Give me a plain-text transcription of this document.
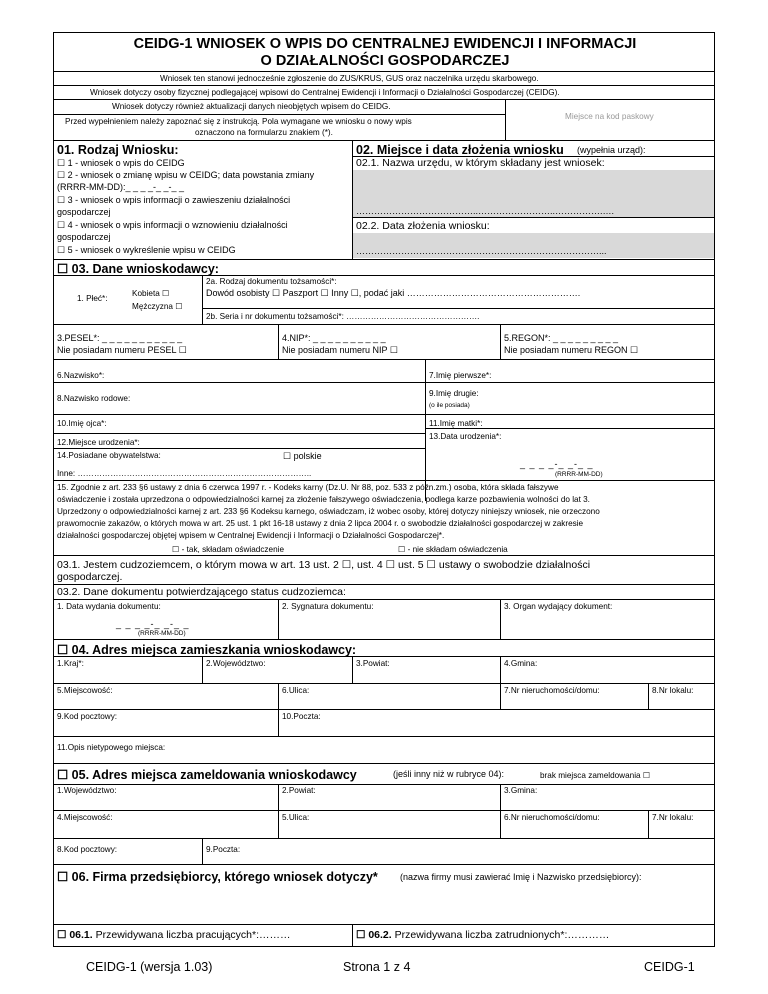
CEIDG-1 WNIOSEK O WPIS DO CENTRALNEJ EWIDENCJI I INFORMACJI
O DZIAŁALNOŚCI GOSPODARCZEJ
Wniosek ten stanowi jednocześnie zgłoszenie do ZUS/KRUS, GUS oraz naczelnika urzędu skarbowego.
Wniosek dotyczy osoby fizycznej podlegającej wpisowi do Centralnej Ewidencji i Informacji o Działalności Gospodarczej (CEIDG).
Wniosek dotyczy również aktualizacji danych nieobjętych wpisem do CEIDG.
Przed wypełnieniem należy zapoznać się z instrukcją. Pola wymagane we wniosku o nowy wpis
oznaczono na formularzu znakiem (*).
Miejsce na kod paskowy
01. Rodzaj Wniosku:	02. Miejsce i data złożenia wniosku (wypełnia urząd):
☐ 1 - wniosek o wpis do CEIDG
☐ 2 - wniosek o zmianę wpisu w CEIDG; data powstania zmiany
(RRRR-MM-DD):_ _ _ _-_ _-_ _
☐ 3 - wniosek o wpis informacji o zawieszeniu działalności
gospodarczej
☐ 4 - wniosek o wpis informacji o wznowieniu działalności
gospodarczej
☐ 5 - wniosek o wykreślenie wpisu w CEIDG
02.1. Nazwa urzędu, w którym składany jest wniosek:
…………………………………..……………………..…………….….
02.2. Data złożenia wniosku:
………………………………………………………………………...
☐ 03. Dane wnioskodawcy:
1. Płeć*:
Kobieta ☐
Mężczyzna ☐
2a. Rodzaj dokumentu tożsamości*:
Dowód osobisty ☐ Paszport ☐ Inny ☐, podać jaki ………………………………………………….
2b. Seria i nr dokumentu tożsamości*: ………………………………………….
3.PESEL*: _ _ _ _ _ _ _ _ _ _ _
Nie posiadam numeru PESEL ☐
4.NIP*: _ _ _ _ _ _ _ _ _ _
Nie posiadam numeru NIP ☐
5.REGON*: _ _ _ _ _ _ _ _ _
Nie posiadam numeru REGON ☐
6.Nazwisko*:	7.Imię pierwsze*:
8.Nazwisko rodowe:
9.Imię drugie:
(o ile posiada)
10.Imię ojca*:	11.Imię matki*:
13.Data urodzenia*:
12.Miejsce urodzenia*:
14.Posiadane obywatelstwa:	☐ polskie
_ _ _ _-_ _-_ _
(RRRR-MM-DD)
Inne: …………………………………………………………………………..
15. Zgodnie z art. 233 §6 ustawy z dnia 6 czerwca 1997 r. - Kodeks karny (Dz.U. Nr 88, poz. 533 z późn.zm.) osoba, która składa fałszywe
oświadczenie i została uprzedzona o odpowiedzialności karnej za złożenie fałszywego oświadczenia, podlega karze pozbawienia wolności do lat 3.
Uprzedzony o odpowiedzialności karnej z art. 233 §6 Kodeksu karnego, oświadczam, iż wobec osoby, której dotyczy niniejszy wniosek, nie orzeczono
prawomocnie zakazów, o których mowa w art. 25 ust. 1 pkt 16-18 ustawy z dnia 2 lipca 2004 r. o swobodzie działalności gospodarczej w zakresie
działalności gospodarczej objętej wpisem w Centralnej Ewidencji i Informacji o Działalności Gospodarczej*.
☐ - tak, składam oświadczenie	☐ - nie składam oświadczenia
03.1. Jestem cudzoziemcem, o którym mowa w art. 13 ust. 2 ☐, ust. 4 ☐ ust. 5 ☐ ustawy o swobodzie działalności
gospodarczej.
03.2. Dane dokumentu potwierdzającego status cudzoziemca:
1. Data wydania dokumentu:	2. Sygnatura dokumentu:	3. Organ wydający dokument:
_ _ _ _-_ _-_ _
(RRRR-MM-DD)
☐ 04. Adres miejsca zamieszkania wnioskodawcy:
1.Kraj*:	2.Województwo:	3.Powiat:	4.Gmina:
5.Miejscowość:	6.Ulica:	7.Nr nieruchomości/domu:	8.Nr lokalu:
9.Kod pocztowy:	10.Poczta:
11.Opis nietypowego miejsca:
☐ 05. Adres miejsca zameldowania wnioskodawcy	(jeśli inny niż w rubryce 04):	brak miejsca zameldowania ☐
1.Województwo:	2.Powiat:	3.Gmina:
4.Miejscowość:	5.Ulica:	6.Nr nieruchomości/domu:	7.Nr lokalu:
8.Kod pocztowy:	9.Poczta:
☐ 06. Firma przedsiębiorcy, którego wniosek dotyczy* (nazwa firmy musi zawierać Imię i Nazwisko przedsiębiorcy):
☐ 06.1. Przewidywana liczba pracujących*:………	☐ 06.2. Przewidywana liczba zatrudnionych*:…………
CEIDG-1 (wersja 1.03)	Strona 1 z 4	CEIDG-1
